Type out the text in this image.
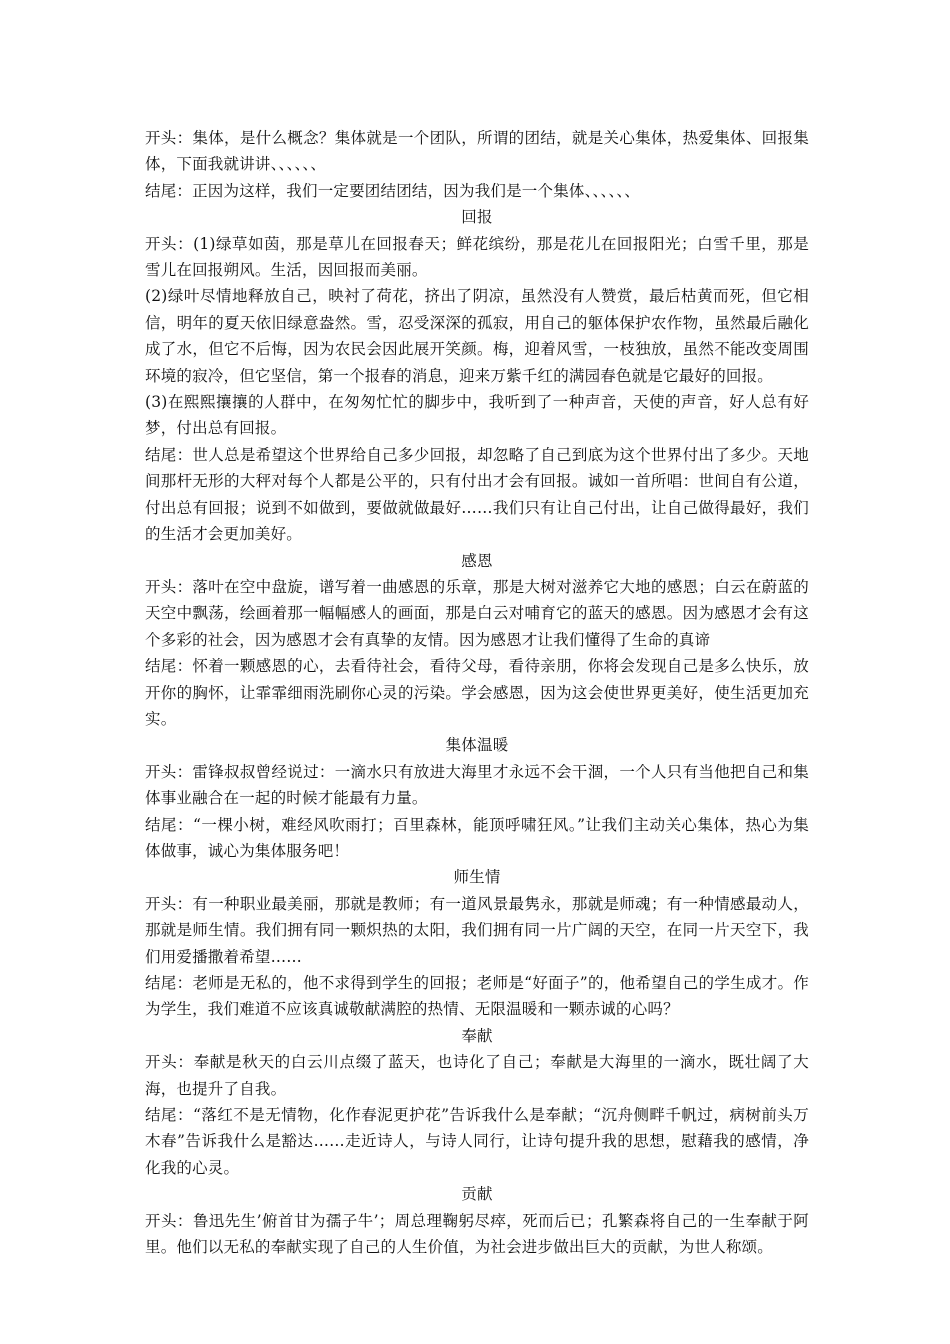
开头：集体，是什么概念？集体就是一个团队，所谓的团结，就是关心集体，热爱集体、回报集体，下面我就讲讲、、、、、、

结尾：正因为这样，我们一定要团结团结，因为我们是一个集体、、、、、、

回报

开头：(1)绿草如茵，那是草儿在回报春天；鲜花缤纷，那是花儿在回报阳光；白雪千里，那是雪儿在回报朔风。生活，因回报而美丽。

(2)绿叶尽情地释放自己，映衬了荷花，挤出了阴凉，虽然没有人赞赏，最后枯黄而死，但它相信，明年的夏天依旧绿意盎然。雪，忍受深深的孤寂，用自己的躯体保护农作物，虽然最后融化成了水，但它不后悔，因为农民会因此展开笑颜。梅，迎着风雪，一枝独放，虽然不能改变周围环境的寂冷，但它坚信，第一个报春的消息，迎来万紫千红的满园春色就是它最好的回报。

(3)在熙熙攘攘的人群中，在匆匆忙忙的脚步中，我听到了一种声音，天使的声音，好人总有好梦，付出总有回报。

结尾：世人总是希望这个世界给自己多少回报，却忽略了自己到底为这个世界付出了多少。天地间那杆无形的大秤对每个人都是公平的，只有付出才会有回报。诚如一首所唱：世间自有公道，付出总有回报；说到不如做到，要做就做最好……我们只有让自己付出，让自己做得最好，我们的生活才会更加美好。

感恩

开头：落叶在空中盘旋，谱写着一曲感恩的乐章，那是大树对滋养它大地的感恩；白云在蔚蓝的天空中飘荡，绘画着那一幅幅感人的画面，那是白云对哺育它的蓝天的感恩。因为感恩才会有这个多彩的社会，因为感恩才会有真挚的友情。因为感恩才让我们懂得了生命的真谛

结尾：怀着一颗感恩的心，去看待社会，看待父母，看待亲朋，你将会发现自己是多么快乐，放开你的胸怀，让霏霏细雨洗刷你心灵的污染。学会感恩，因为这会使世界更美好，使生活更加充实。

集体温暖

开头：雷锋叔叔曾经说过：一滴水只有放进大海里才永远不会干涸，一个人只有当他把自己和集体事业融合在一起的时候才能最有力量。

结尾：“一棵小树，难经风吹雨打；百里森林，能顶呼啸狂风。”让我们主动关心集体，热心为集体做事，诚心为集体服务吧！

师生情

开头：有一种职业最美丽，那就是教师；有一道风景最隽永，那就是师魂；有一种情感最动人，那就是师生情。我们拥有同一颗炽热的太阳，我们拥有同一片广阔的天空，在同一片天空下，我们用爱播撒着希望……

结尾：老师是无私的，他不求得到学生的回报；老师是“好面子”的，他希望自己的学生成才。作为学生，我们难道不应该真诚敬献满腔的热情、无限温暖和一颗赤诚的心吗？

奉献

开头：奉献是秋天的白云川点缀了蓝天，也诗化了自己；奉献是大海里的一滴水，既壮阔了大海，也提升了自我。

结尾：“落红不是无情物，化作春泥更护花”告诉我什么是奉献；“沉舟侧畔千帆过，病树前头万木春”告诉我什么是豁达……走近诗人，与诗人同行，让诗句提升我的思想，慰藉我的感情，净化我的心灵。

贡献

开头：鲁迅先生’俯首甘为孺子牛’；周总理鞠躬尽瘁，死而后已；孔繁森将自己的一生奉献于阿里。他们以无私的奉献实现了自己的人生价值，为社会进步做出巨大的贡献，为世人称颂。
